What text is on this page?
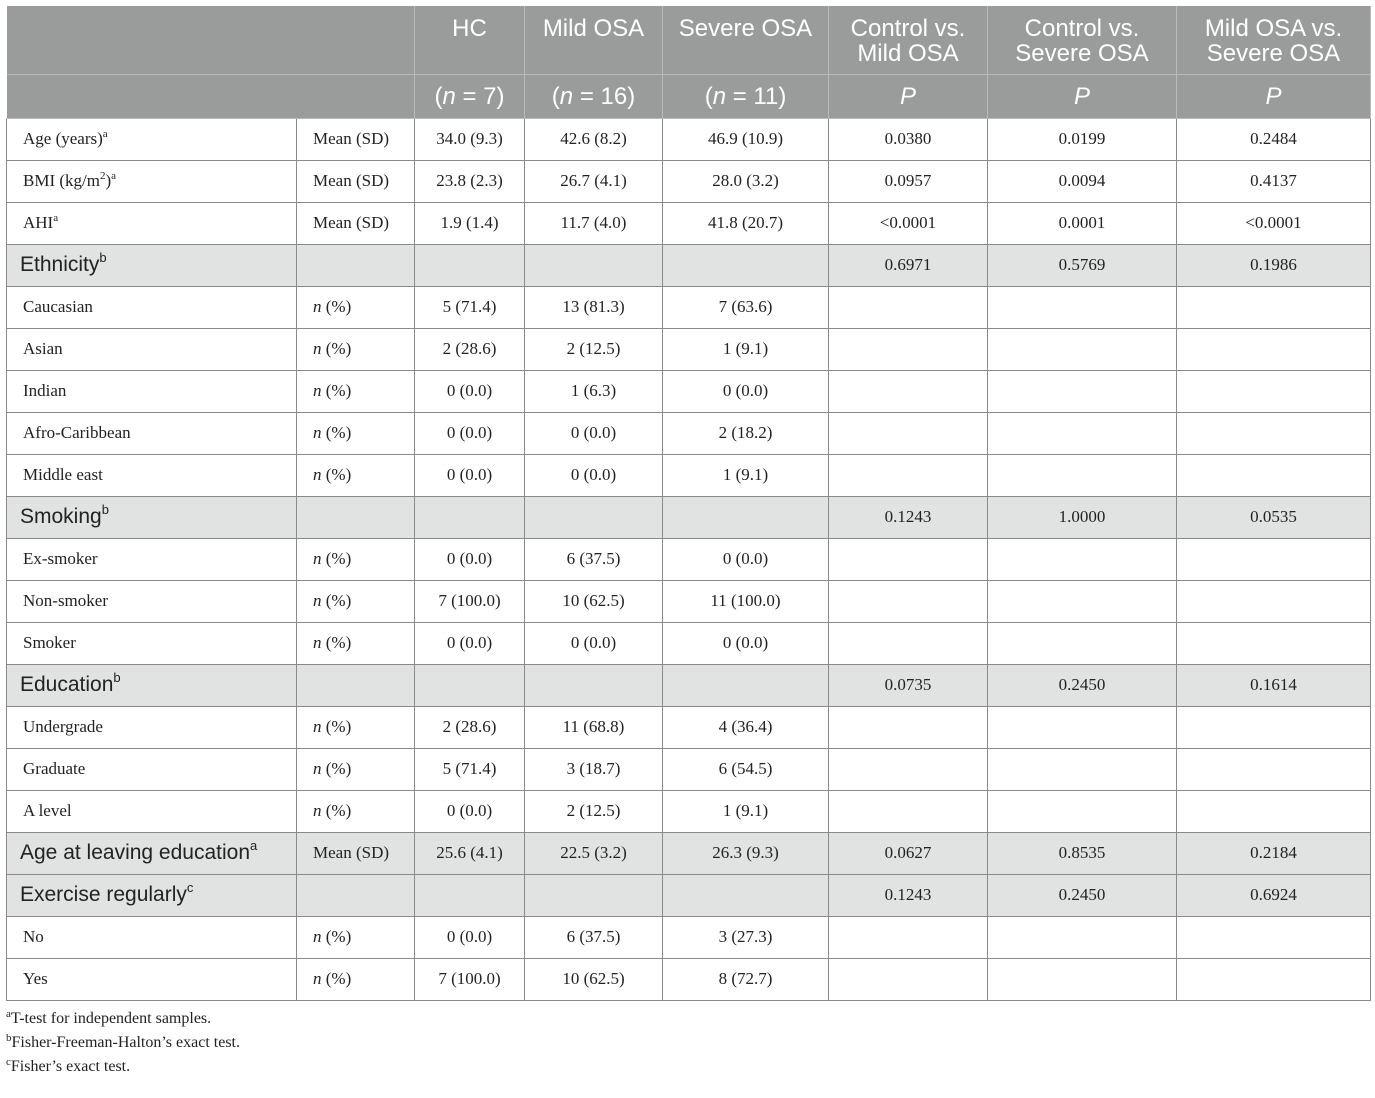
		HC	Mild OSA	Severe OSA	Control vs. Mild OSA	Control vs. Severe OSA	Mild OSA vs. Severe OSA
		(n = 7)	(n = 16)	(n = 11)	P	P	P
Age (years)$^a$	Mean (SD)	34.0 (9.3)	42.6 (8.2)	46.9 (10.9)	0.0380	0.0199	0.2484
BMI $(kg/m^2)^a$	Mean (SD)	23.8 (2.3)	26.7 (4.1)	28.0 (3.2)	0.0957	0.0094	0.4137
AHI$^a$	Mean (SD)	1.9 (1.4)	11.7 (4.0)	41.8 (20.7)	<0.0001	0.0001	<0.0001
Ethnicity$^b$					0.6971	0.5769	0.1986
Caucasian	n (%)	5 (71.4)	13 (81.3)	7 (63.6)			
Asian	n (%)	2 (28.6)	2 (12.5)	1 (9.1)			
Indian	n (%)	0 (0.0)	1 (6.3)	0 (0.0)			
Afro-Caribbean	n (%)	0 (0.0)	0 (0.0)	2 (18.2)			
Middle east	n (%)	0 (0.0)	0 (0.0)	1 (9.1)			
Smoking$^b$					0.1243	1.0000	0.0535
Ex-smoker	n (%)	0 (0.0)	6 (37.5)	0 (0.0)			
Non-smoker	n (%)	7 (100.0)	10 (62.5)	11 (100.0)			
Smoker	n (%)	0 (0.0)	0 (0.0)	0 (0.0)			
Education$^b$					0.0735	0.2450	0.1614
Undergrade	n (%)	2 (28.6)	11 (68.8)	4 (36.4)			
Graduate	n (%)	5 (71.4)	3 (18.7)	6 (54.5)			
A level	n (%)	0 (0.0)	2 (12.5)	1 (9.1)			
Age at leaving education$^a$	Mean (SD)	25.6 (4.1)	22.5 (3.2)	26.3 (9.3)	0.0627	0.8535	0.2184
Exercise regularly$^c$					0.1243	0.2450	0.6924
No	n (%)	0 (0.0)	6 (37.5)	3 (27.3)			
Yes	n (%)	7 (100.0)	10 (62.5)	8 (72.7)			
$^a$T-test for independent samples.
$^b$Fisher-Freeman-Halton’s exact test.
$^c$Fisher’s exact test.
